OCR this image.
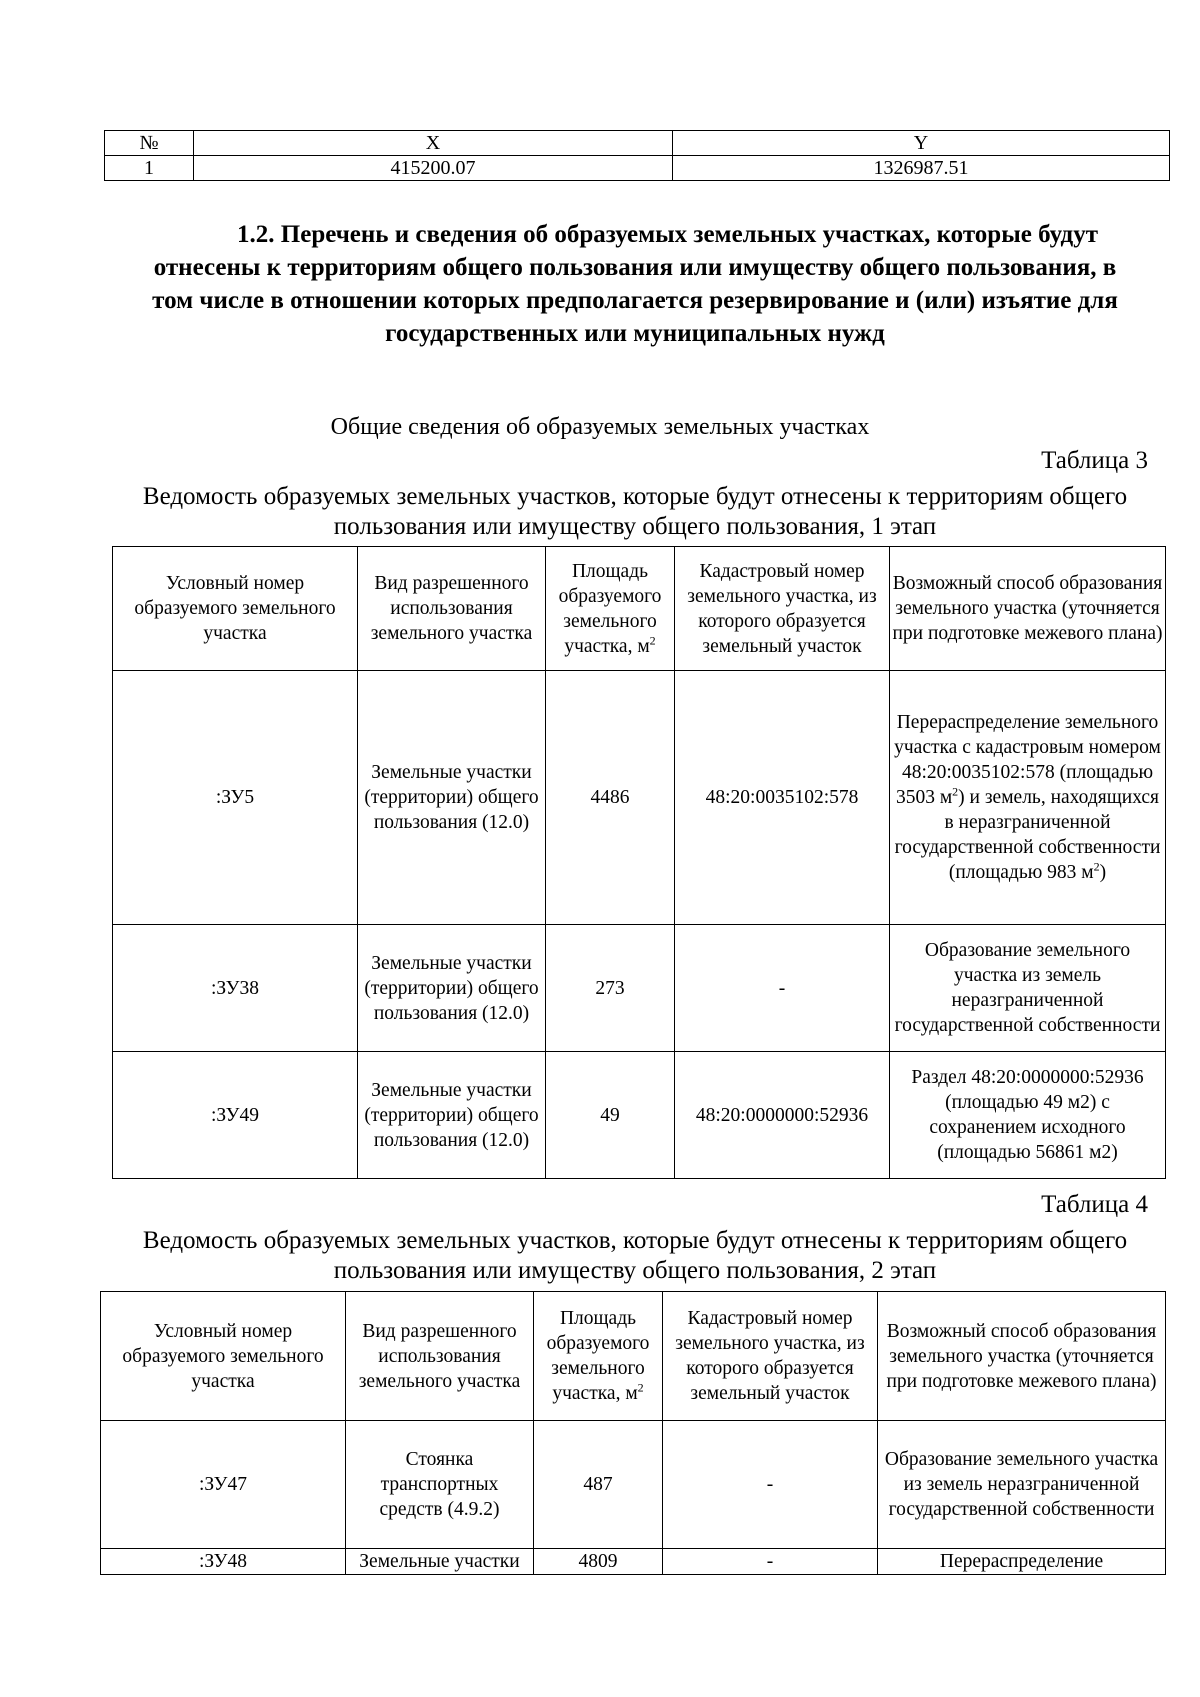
№	X	Y
1	415200.07	1326987.51
1.2. Перечень и сведения об образуемых земельных участках, которые будут отнесены к территориям общего пользования или имуществу общего пользования, в том числе в отношении которых предполагается резервирование и (или) изъятие для государственных или муниципальных нужд
Общие сведения об образуемых земельных участках
Таблица 3
Ведомость образуемых земельных участков, которые будут отнесены к территориям общего пользования или имуществу общего пользования, 1 этап
Условный номер образуемого земельного участка	Вид разрешенного использования земельного участка	Площадь образуемого земельного участка, $м^2$	Кадастровый номер земельного участка, из которого образуется земельный участок	Возможный способ образования земельного участка (уточняется при подготовке межевого плана)
:ЗУ5	Земельные участки (территории) общего пользования (12.0)	4486	48:20:0035102:578	Перераспределение земельного участка с кадастровым номером 48:20:0035102:578 (площадью 3503 $м^2$) и земель, находящихся в неразграниченной государственной собственности (площадью 983 $м^2$)
:ЗУ38	Земельные участки (территории) общего пользования (12.0)	273	-	Образование земельного участка из земель неразграниченной государственной собственности
:ЗУ49	Земельные участки (территории) общего пользования (12.0)	49	48:20:0000000:52936	Раздел 48:20:0000000:52936 (площадью 49 м2) с сохранением исходного (площадью 56861 м2)
Таблица 4
Ведомость образуемых земельных участков, которые будут отнесены к территориям общего пользования или имуществу общего пользования, 2 этап
Условный номер образуемого земельного участка	Вид разрешенного использования земельного участка	Площадь образуемого земельного участка, $м^2$	Кадастровый номер земельного участка, из которого образуется земельный участок	Возможный способ образования земельного участка (уточняется при подготовке межевого плана)
:ЗУ47	Стоянка транспортных средств (4.9.2)	487	-	Образование земельного участка из земель неразграниченной государственной собственности
:ЗУ48	Земельные участки	4809	-	Перераспределение
